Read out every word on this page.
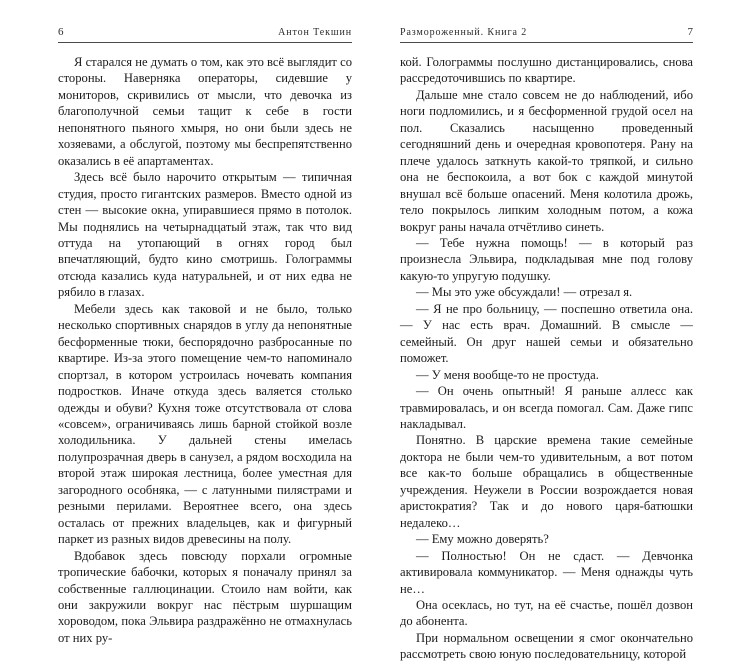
6	Антон Текшин

Я старался не думать о том, как это всё выглядит со стороны. Наверняка операторы, сидевшие у мониторов, скривились от мысли, что девочка из благополучной семьи тащит к себе в гости непонятного пьяного хмыря, но они были здесь не хозяевами, а обслугой, поэтому мы беспрепятственно оказались в её апартаментах.

Здесь всё было нарочито открытым — типичная студия, просто гигантских размеров. Вместо одной из стен — высокие окна, упиравшиеся прямо в потолок. Мы поднялись на четырнадцатый этаж, так что вид оттуда на утопающий в огнях город был впечатляющий, будто кино смотришь. Голограммы отсюда казались куда натуральней, и от них едва не рябило в глазах.

Мебели здесь как таковой и не было, только несколько спортивных снарядов в углу да непонятные бесформенные тюки, беспорядочно разбросанные по квартире. Из-за этого помещение чем-то напоминало спортзал, в котором устроилась ночевать компания подростков. Иначе откуда здесь валяется столько одежды и обуви? Кухня тоже отсутствовала от слова «совсем», ограничиваясь лишь барной стойкой возле холодильника. У дальней стены имелась полупрозрачная дверь в санузел, а рядом восходила на второй этаж широкая лестница, более уместная для загородного особняка, — с латунными пилястрами и резными перилами. Вероятнее всего, она здесь осталась от прежних владельцев, как и фигурный паркет из разных видов древесины на полу.

Вдобавок здесь повсюду порхали огромные тропические бабочки, которых я поначалу принял за собственные галлюцинации. Стоило нам войти, как они закружили вокруг нас пёстрым шуршащим хороводом, пока Эльвира раздражённо не отмахнулась от них ру-

Размороженный. Книга 2	7

кой. Голограммы послушно дистанцировались, снова рассредоточившись по квартире.

Дальше мне стало совсем не до наблюдений, ибо ноги подломились, и я бесформенной грудой осел на пол. Сказались насыщенно проведенный сегодняшний день и очередная кровопотеря. Рану на плече удалось заткнуть какой-то тряпкой, и сильно она не беспокоила, а вот бок с каждой минутой внушал всё больше опасений. Меня колотила дрожь, тело покрылось липким холодным потом, а кожа вокруг раны начала отчётливо синеть.

— Тебе нужна помощь! — в который раз произнесла Эльвира, подкладывая мне под голову какую-то упругую подушку.

— Мы это уже обсуждали! — отрезал я.

— Я не про больницу, — поспешно ответила она. — У нас есть врач. Домашний. В смысле — семейный. Он друг нашей семьи и обязательно поможет.

— У меня вообще-то не простуда.

— Он очень опытный! Я раньше аллесс как травмировалась, и он всегда помогал. Сам. Даже гипс накладывал.

Понятно. В царские времена такие семейные доктора не были чем-то удивительным, а вот потом все как-то больше обращались в общественные учреждения. Неужели в России возрождается новая аристократия? Так и до нового царя-батюшки недалеко…

— Ему можно доверять?

— Полностью! Он не сдаст. — Девчонка активировала коммуникатор. — Меня однажды чуть не…

Она осеклась, но тут, на её счастье, пошёл дозвон до абонента.

При нормальном освещении я смог окончательно рассмотреть свою юную последовательницу, которой
